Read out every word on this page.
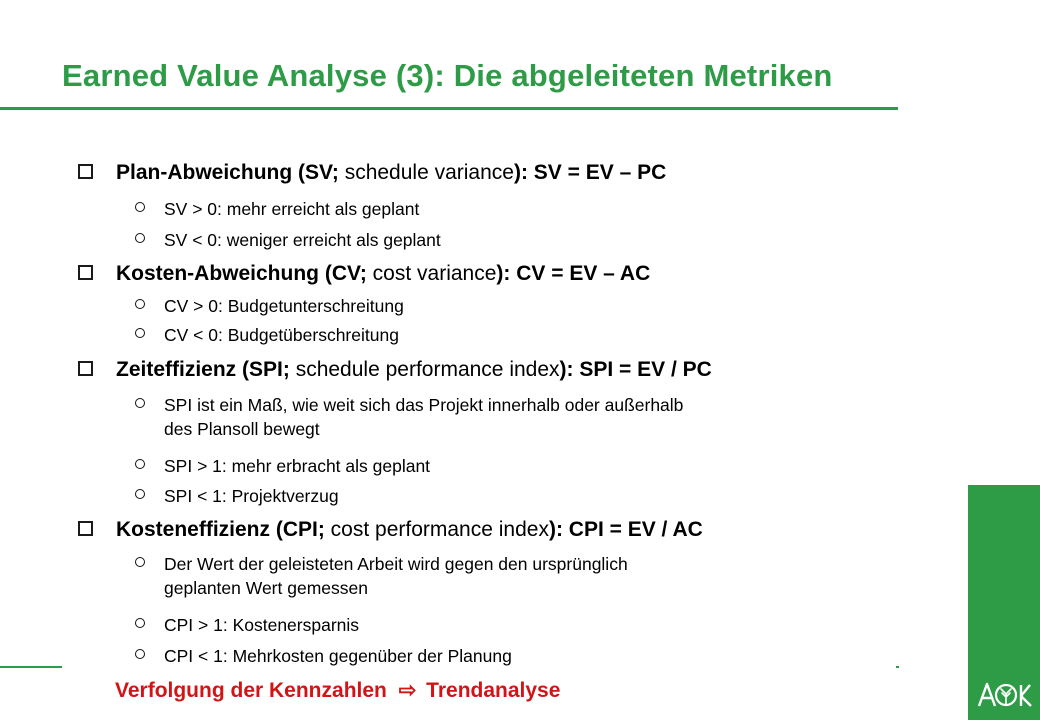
Earned Value Analyse (3): Die abgeleiteten Metriken
Plan-Abweichung (SV; schedule variance): SV = EV – PC
SV > 0: mehr erreicht als geplant
SV < 0: weniger erreicht als geplant
Kosten-Abweichung (CV; cost variance): CV = EV – AC
CV > 0: Budgetunterschreitung
CV < 0: Budgetüberschreitung
Zeiteffizienz (SPI; schedule performance index): SPI = EV / PC
SPI ist ein Maß, wie weit sich das Projekt innerhalb oder außerhalb
des Plansoll bewegt
SPI > 1: mehr erbracht als geplant
SPI < 1: Projektverzug
Kosteneffizienz (CPI; cost performance index): CPI = EV / AC
Der Wert der geleisteten Arbeit wird gegen den ursprünglich
geplanten Wert gemessen
CPI > 1: Kostenersparnis
CPI < 1: Mehrkosten gegenüber der Planung
Verfolgung der Kennzahlen ⇨ Trendanalyse
